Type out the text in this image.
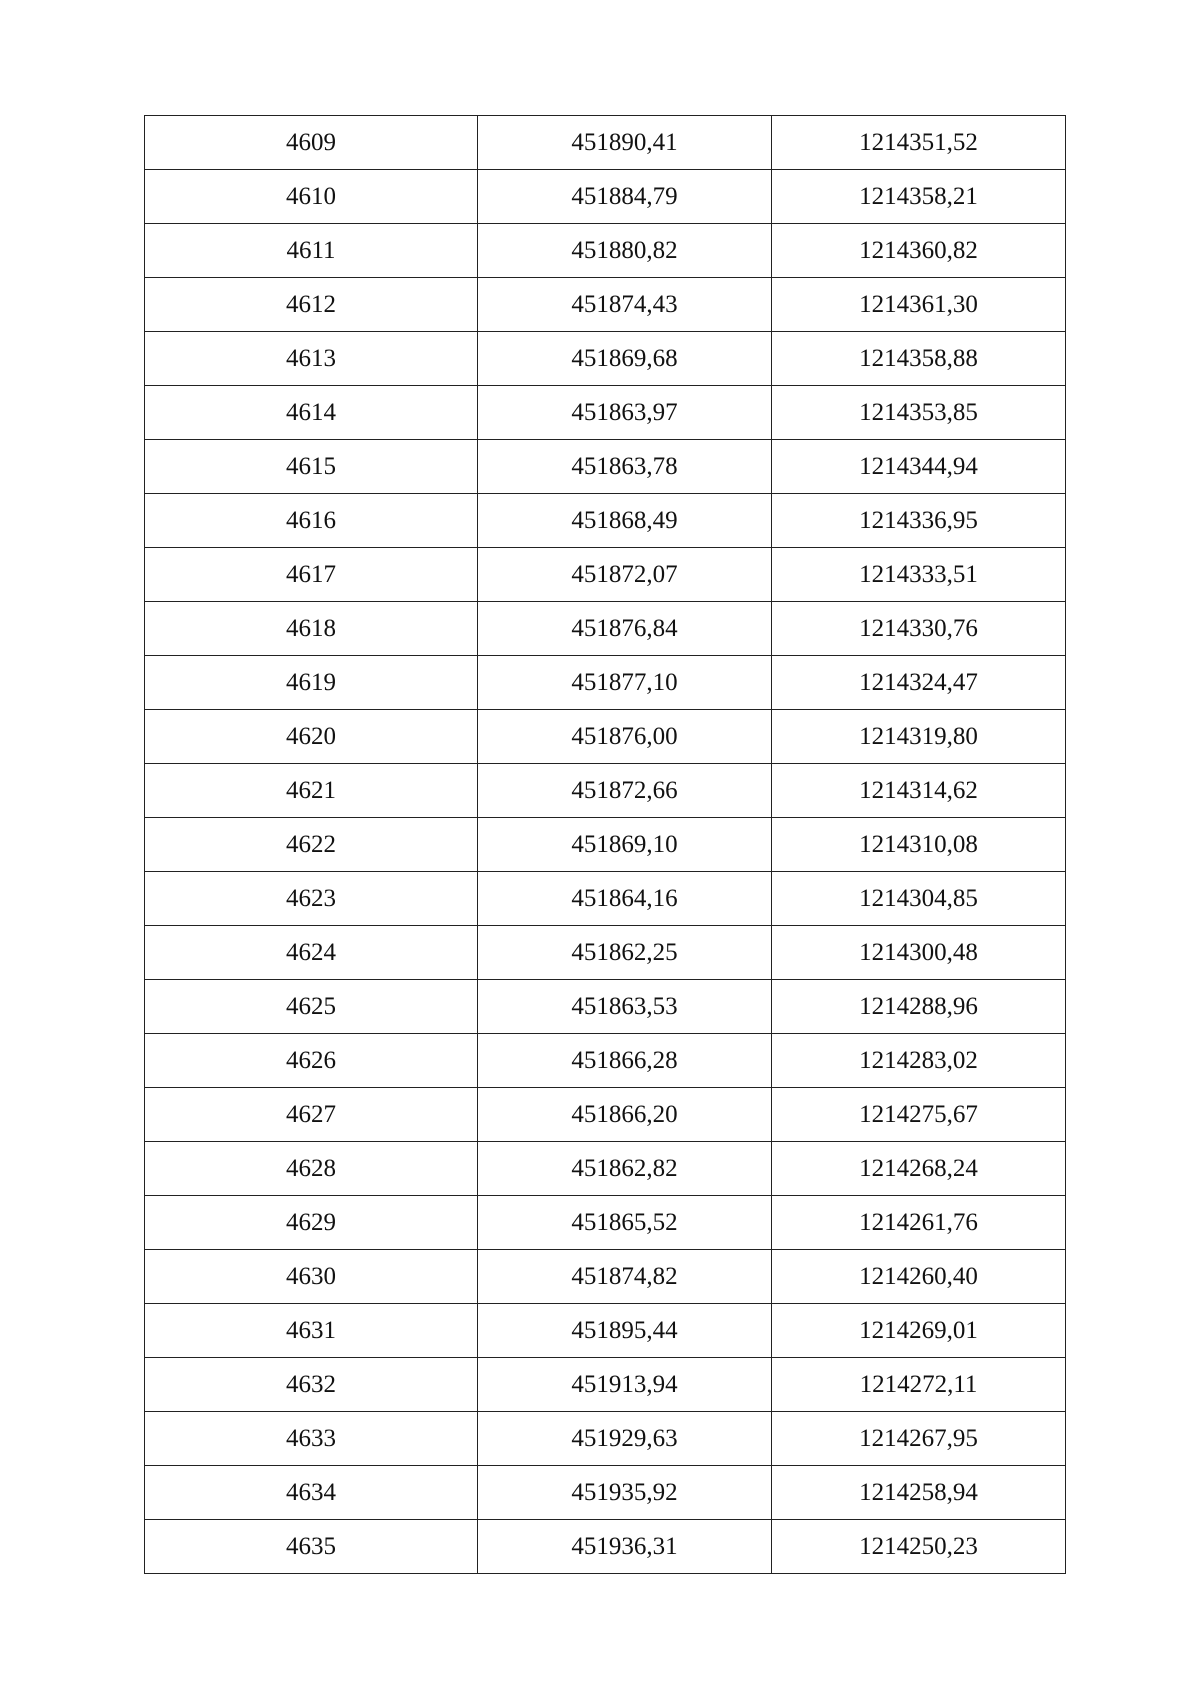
4609	451890,41	1214351,52
4610	451884,79	1214358,21
4611	451880,82	1214360,82
4612	451874,43	1214361,30
4613	451869,68	1214358,88
4614	451863,97	1214353,85
4615	451863,78	1214344,94
4616	451868,49	1214336,95
4617	451872,07	1214333,51
4618	451876,84	1214330,76
4619	451877,10	1214324,47
4620	451876,00	1214319,80
4621	451872,66	1214314,62
4622	451869,10	1214310,08
4623	451864,16	1214304,85
4624	451862,25	1214300,48
4625	451863,53	1214288,96
4626	451866,28	1214283,02
4627	451866,20	1214275,67
4628	451862,82	1214268,24
4629	451865,52	1214261,76
4630	451874,82	1214260,40
4631	451895,44	1214269,01
4632	451913,94	1214272,11
4633	451929,63	1214267,95
4634	451935,92	1214258,94
4635	451936,31	1214250,23
